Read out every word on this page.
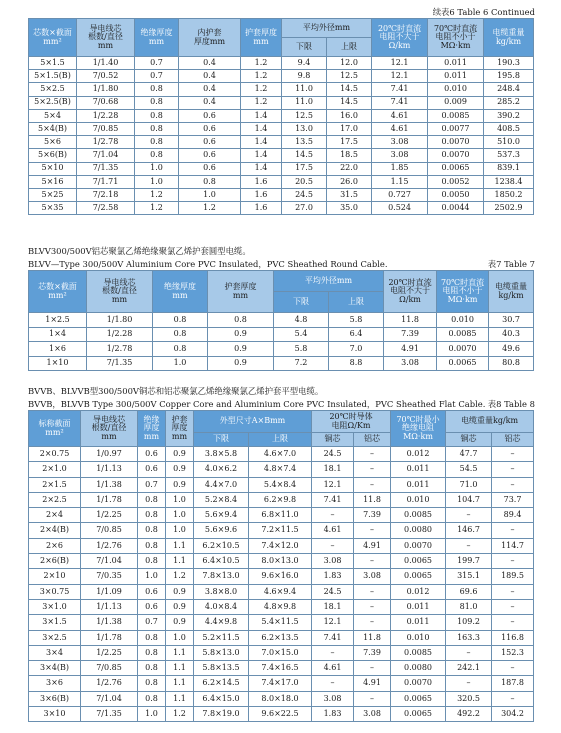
续表6 Table 6 Continued
芯数×截面
mm²	导电线芯
根数/直径
mm	绝缘厚度
mm	内护套
厚度mm	护套厚度
mm	平均外径mm		20℃时直流
电阻不大于
Ω/km	70℃时直流
电阻不小于
MΩ·km	电缆重量
kg/km

					下限	上限			
5×1.5	1/1.40	0.7	0.4	1.2	9.4	12.0	12.1	0.011	190.3
5×1.5(B)	7/0.52	0.7	0.4	1.2	9.8	12.5	12.1	0.011	195.8
5×2.5	1/1.80	0.8	0.4	1.2	11.0	14.5	7.41	0.010	248.4
5×2.5(B)	7/0.68	0.8	0.4	1.2	11.0	14.5	7.41	0.009	285.2
5×4	1/2.28	0.8	0.6	1.4	12.5	16.0	4.61	0.0085	390.2
5×4(B)	7/0.85	0.8	0.6	1.4	13.0	17.0	4.61	0.0077	408.5
5×6	1/2.78	0.8	0.6	1.4	13.5	17.5	3.08	0.0070	510.0
5×6(B)	7/1.04	0.8	0.6	1.4	14.5	18.5	3.08	0.0070	537.3
5×10	7/1.35	1.0	0.6	1.4	17.5	22.0	1.85	0.0065	839.1
5×16	7/1.71	1.0	0.8	1.6	20.5	26.0	1.15	0.0052	1238.4
5×25	7/2.18	1.2	1.0	1.6	24.5	31.5	0.727	0.0050	1850.2
5×35	7/2.58	1.2	1.2	1.6	27.0	35.0	0.524	0.0044	2502.9
BLVV300/500V铝芯聚氯乙烯绝缘聚氯乙烯护套圆型电缆。
BLVV—Type 300/500V Aluminium Core PVC Insulated，PVC Sheathed Round Cable.	表7 Table 7
芯数×截面
mm²	导电线芯
根数/直径
mm	绝缘厚度
mm	护套厚度
mm	平均外径mm		20℃时直流
电阻不大于
Ω/km	70℃时直流
电阻不小于
MΩ·km	电缆重量
kg/km

				下限	上限			
1×2.5	1/1.80	0.8	0.8	4.8	5.8	11.8	0.010	30.7
1×4	1/2.28	0.8	0.9	5.4	6.4	7.39	0.0085	40.3
1×6	1/2.78	0.8	0.9	5.8	7.0	4.91	0.0070	49.6
1×10	7/1.35	1.0	0.9	7.2	8.8	3.08	0.0065	80.8
BVVB、BLVVB型300/500V铜芯和铝芯聚氯乙烯绝缘聚氯乙烯护套平型电缆。
BVVB，BLVVB Type 300/500V Copper Core and Aluminium Core PVC Insulated，PVC Sheathed Flat Cable. 表8 Table 8
标称截面
mm²	导电线芯
根数/直径
mm	绝缘
厚度
mm	护套
厚度
mm	外型尺寸A×Bmm		20℃时导体
电阻Ω/Km		70℃时最小
绝缘电阻
MΩ·km	电缆重量kg/km	
				下限	上限	铜芯	铝芯		铜芯	铝芯
2×0.75	1/0.97	0.6	0.9	3.8×5.8	4.6×7.0	24.5	–	0.012	47.7	–
2×1.0	1/1.13	0.6	0.9	4.0×6.2	4.8×7.4	18.1	–	0.011	54.5	–
2×1.5	1/1.38	0.7	0.9	4.4×7.0	5.4×8.4	12.1	–	0.011	71.0	–
2×2.5	1/1.78	0.8	1.0	5.2×8.4	6.2×9.8	7.41	11.8	0.010	104.7	73.7
2×4	1/2.25	0.8	1.0	5.6×9.4	6.8×11.0	–	7.39	0.0085	–	89.4
2×4(B)	7/0.85	0.8	1.0	5.6×9.6	7.2×11.5	4.61	–	0.0080	146.7	–
2×6	1/2.76	0.8	1.1	6.2×10.5	7.4×12.0	–	4.91	0.0070	–	114.7
2×6(B)	7/1.04	0.8	1.1	6.4×10.5	8.0×13.0	3.08	–	0.0065	199.7	–
2×10	7/0.35	1.0	1.2	7.8×13.0	9.6×16.0	1.83	3.08	0.0065	315.1	189.5
3×0.75	1/1.09	0.6	0.9	3.8×8.0	4.6×9.4	24.5	–	0.012	69.6	–
3×1.0	1/1.13	0.6	0.9	4.0×8.4	4.8×9.8	18.1	–	0.011	81.0	–
3×1.5	1/1.38	0.7	0.9	4.4×9.8	5.4×11.5	12.1	–	0.011	109.2	–
3×2.5	1/1.78	0.8	1.0	5.2×11.5	6.2×13.5	7.41	11.8	0.010	163.3	116.8
3×4	1/2.25	0.8	1.1	5.8×13.0	7.0×15.0	–	7.39	0.0085	–	152.3
3×4(B)	7/0.85	0.8	1.1	5.8×13.5	7.4×16.5	4.61	–	0.0080	242.1	–
3×6	1/2.76	0.8	1.1	6.2×14.5	7.4×17.0	–	4.91	0.0070	–	187.8
3×6(B)	7/1.04	0.8	1.1	6.4×15.0	8.0×18.0	3.08	–	0.0065	320.5	–
3×10	7/1.35	1.0	1.2	7.8×19.0	9.6×22.5	1.83	3.08	0.0065	492.2	304.2
